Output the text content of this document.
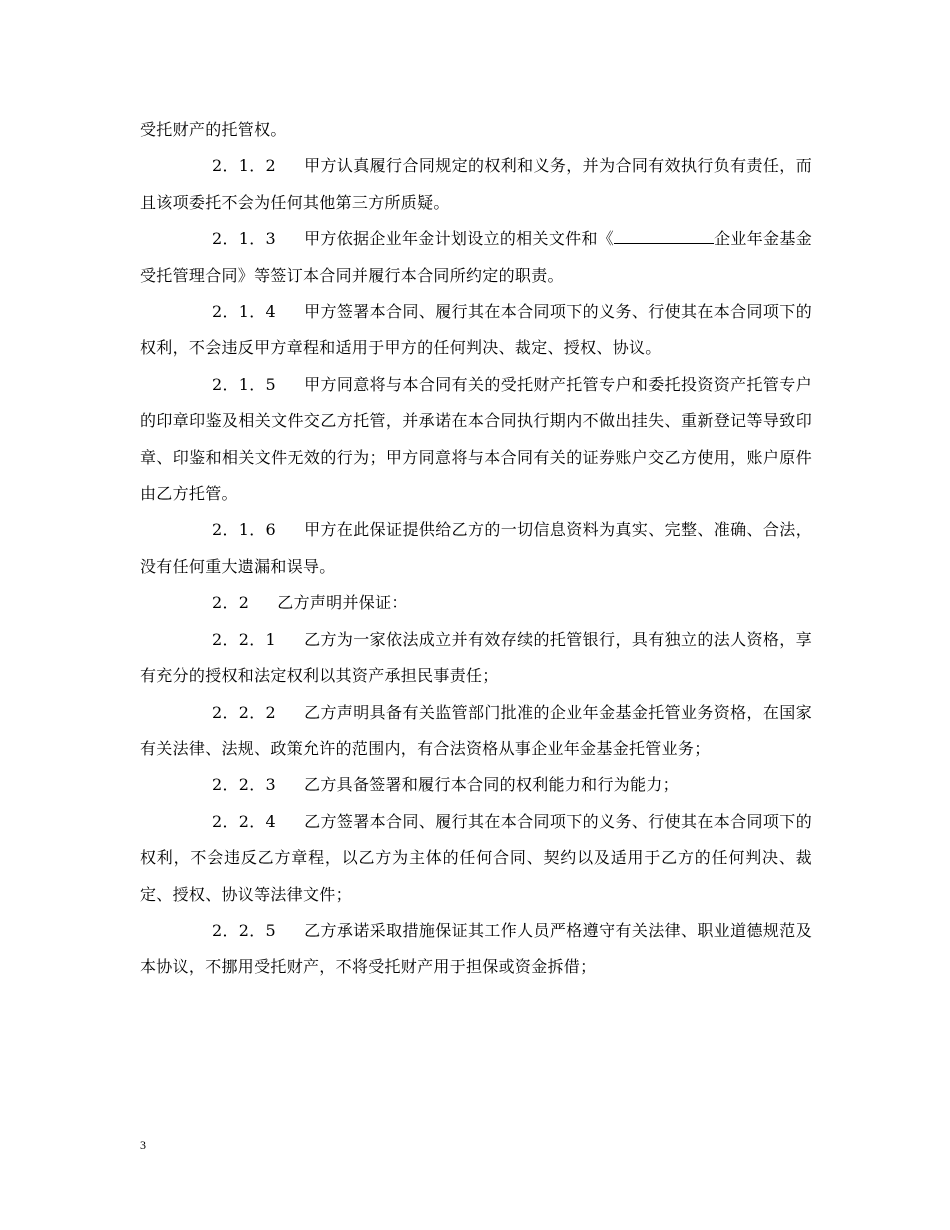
受托财产的托管权。

2．1．2 甲方认真履行合同规定的权利和义务，并为合同有效执行负有责任，而且该项委托不会为任何其他第三方所质疑。

2．1．3 甲方依据企业年金计划设立的相关文件和《	企业年金基金受托管理合同》等签订本合同并履行本合同所约定的职责。

2．1．4 甲方签署本合同、履行其在本合同项下的义务、行使其在本合同项下的权利，不会违反甲方章程和适用于甲方的任何判决、裁定、授权、协议。

2．1．5 甲方同意将与本合同有关的受托财产托管专户和委托投资资产托管专户的印章印鉴及相关文件交乙方托管，并承诺在本合同执行期内不做出挂失、重新登记等导致印章、印鉴和相关文件无效的行为；甲方同意将与本合同有关的证券账户交乙方使用，账户原件由乙方托管。

2．1．6 甲方在此保证提供给乙方的一切信息资料为真实、完整、准确、合法，没有任何重大遗漏和误导。

2．2 乙方声明并保证：

2．2．1 乙方为一家依法成立并有效存续的托管银行，具有独立的法人资格，享有充分的授权和法定权利以其资产承担民事责任；

2．2．2 乙方声明具备有关监管部门批准的企业年金基金托管业务资格，在国家有关法律、法规、政策允许的范围内，有合法资格从事企业年金基金托管业务；

2．2．3 乙方具备签署和履行本合同的权利能力和行为能力；

2．2．4 乙方签署本合同、履行其在本合同项下的义务、行使其在本合同项下的权利，不会违反乙方章程，以乙方为主体的任何合同、契约以及适用于乙方的任何判决、裁定、授权、协议等法律文件；

2．2．5 乙方承诺采取措施保证其工作人员严格遵守有关法律、职业道德规范及本协议，不挪用受托财产，不将受托财产用于担保或资金拆借；

3
